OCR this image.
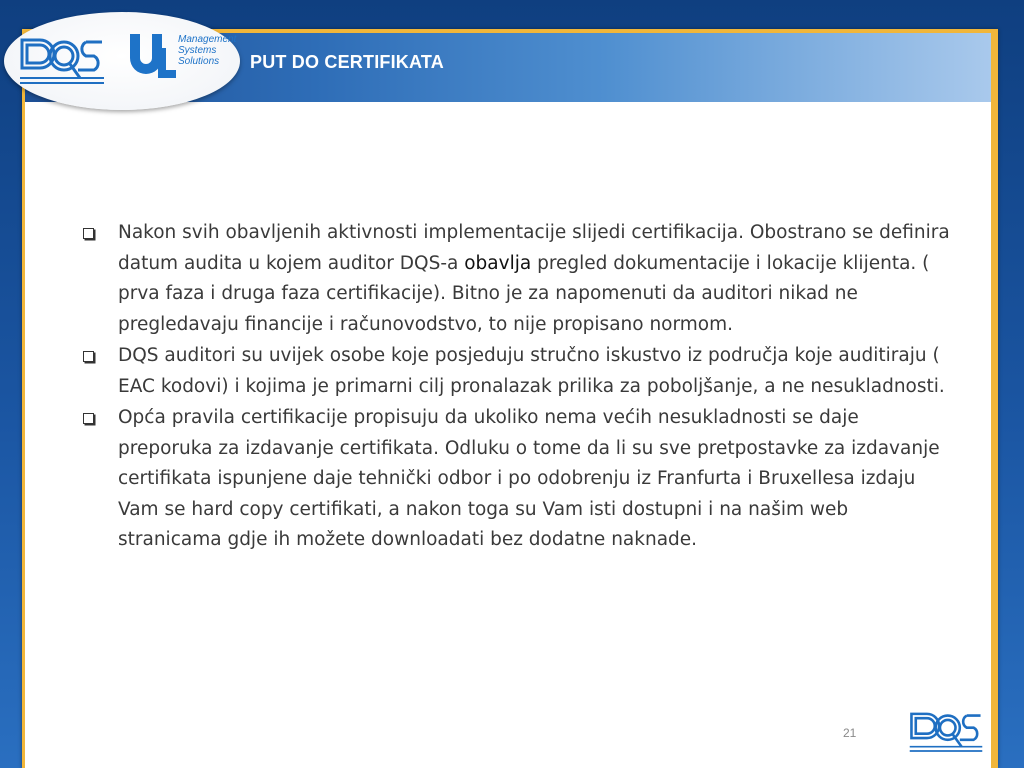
Management
Systems
Solutions	PUT DO CERTIFIKATA
Nakon svih obavljenih aktivnosti implementacije slijedi certifikacija. Obostrano se definira datum audita u kojem auditor DQS-a obavlja pregled dokumentacije i lokacije klijenta. ( prva faza i druga faza certifikacije). Bitno je za napomenuti da auditori nikad ne pregledavaju financije i računovodstvo, to nije propisano normom.
DQS auditori su uvijek osobe koje posjeduju stručno iskustvo iz područja koje auditiraju ( EAC kodovi) i kojima je primarni cilj pronalazak prilika za poboljšanje, a ne nesukladnosti.
Opća pravila certifikacije propisuju da ukoliko nema većih nesukladnosti se daje preporuka za izdavanje certifikata. Odluku o tome da li su sve pretpostavke za izdavanje certifikata ispunjene daje tehnički odbor i po odobrenju iz Franfurta i Bruxellesa izdaju Vam se hard copy certifikati, a nakon toga su Vam isti dostupni i na našim web stranicama gdje ih možete downloadati bez dodatne naknade.
21
